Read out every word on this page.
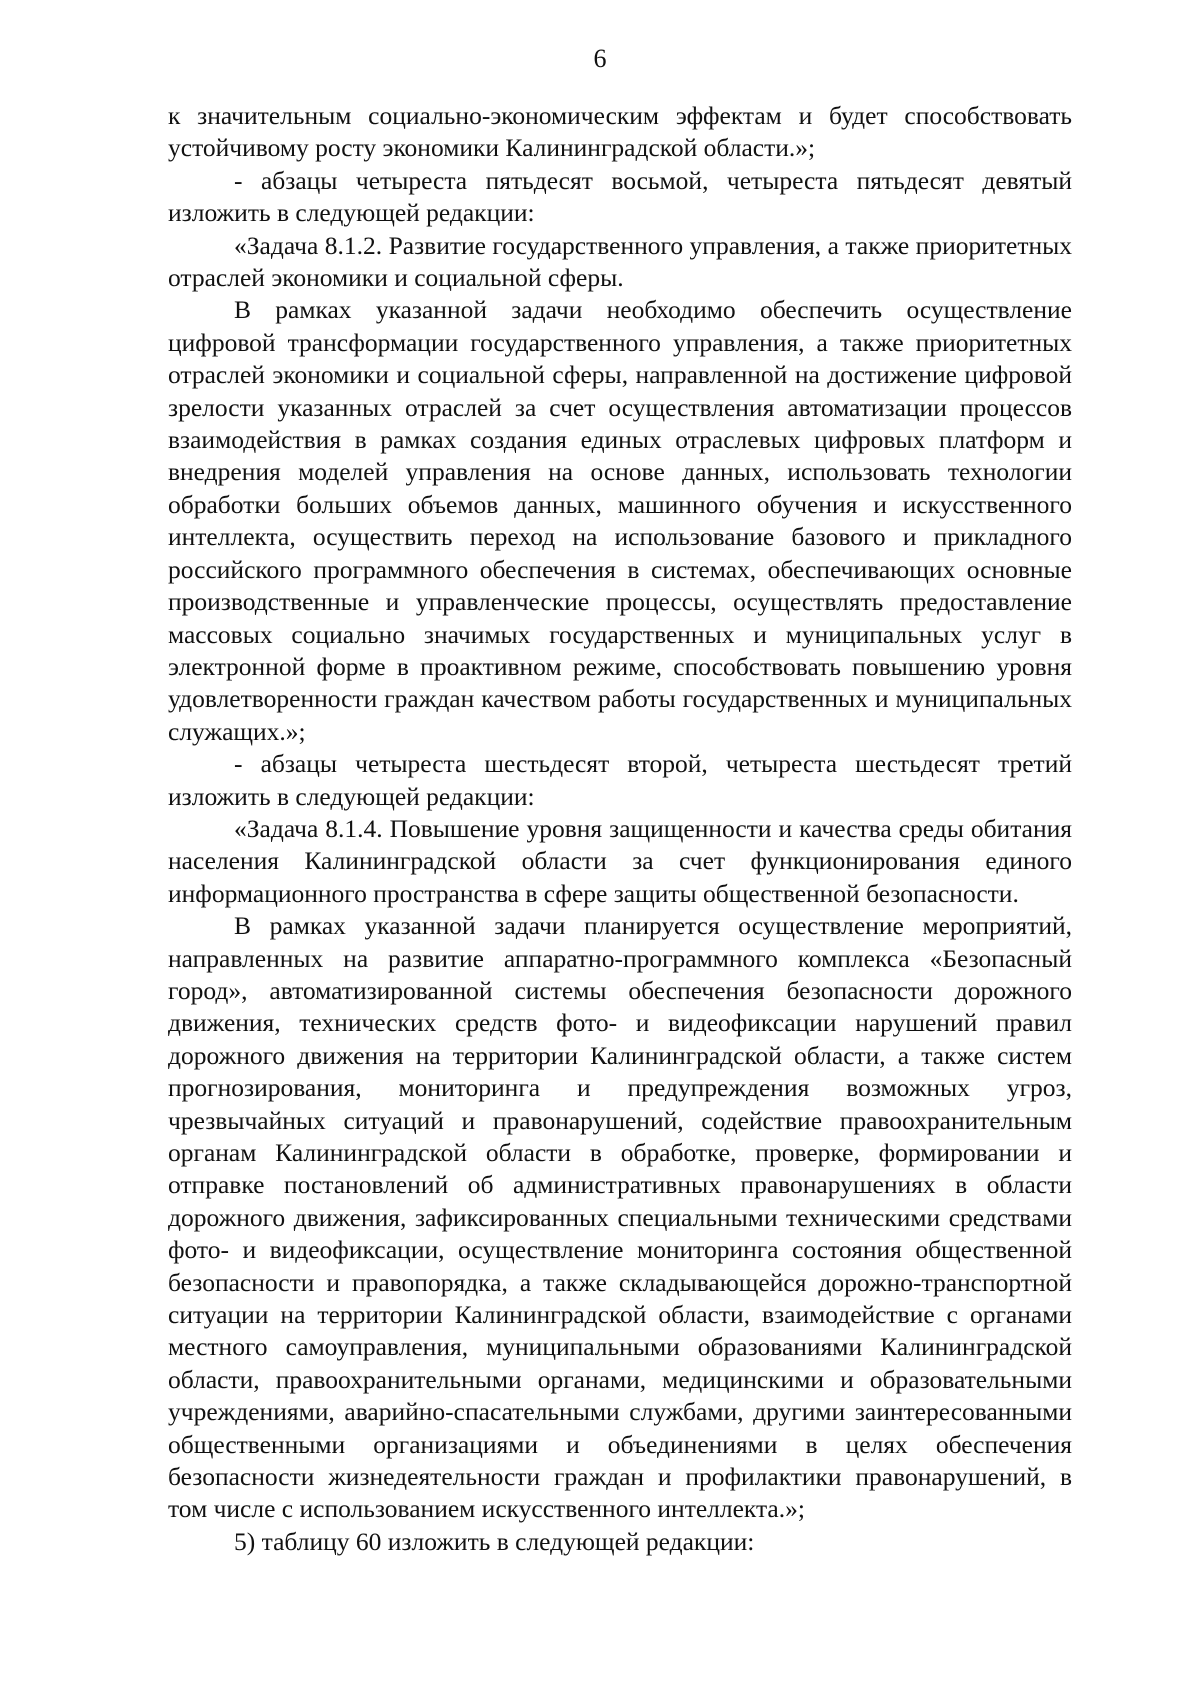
6

к значительным социально-экономическим эффектам и будет способствовать устойчивому росту экономики Калининградской области.»;

- абзацы четыреста пятьдесят восьмой, четыреста пятьдесят девятый изложить в следующей редакции:

«Задача 8.1.2. Развитие государственного управления, а также приоритетных отраслей экономики и социальной сферы.

В рамках указанной задачи необходимо обеспечить осуществление цифровой трансформации государственного управления, а также приоритетных отраслей экономики и социальной сферы, направленной на достижение цифровой зрелости указанных отраслей за счет осуществления автоматизации процессов взаимодействия в рамках создания единых отраслевых цифровых платформ и внедрения моделей управления на основе данных, использовать технологии обработки больших объемов данных, машинного обучения и искусственного интеллекта, осуществить переход на использование базового и прикладного российского программного обеспечения в системах, обеспечивающих основные производственные и управленческие процессы, осуществлять предоставление массовых социально значимых государственных и муниципальных услуг в электронной форме в проактивном режиме, способствовать повышению уровня удовлетворенности граждан качеством работы государственных и муниципальных служащих.»;

- абзацы четыреста шестьдесят второй, четыреста шестьдесят третий изложить в следующей редакции:

«Задача 8.1.4. Повышение уровня защищенности и качества среды обитания населения Калининградской области за счет функционирования единого информационного пространства в сфере защиты общественной безопасности.

В рамках указанной задачи планируется осуществление мероприятий, направленных на развитие аппаратно-программного комплекса «Безопасный город», автоматизированной системы обеспечения безопасности дорожного движения, технических средств фото- и видеофиксации нарушений правил дорожного движения на территории Калининградской области, а также систем прогнозирования, мониторинга и предупреждения возможных угроз, чрезвычайных ситуаций и правонарушений, содействие правоохранительным органам Калининградской области в обработке, проверке, формировании и отправке постановлений об административных правонарушениях в области дорожного движения, зафиксированных специальными техническими средствами фото- и видеофиксации, осуществление мониторинга состояния общественной безопасности и правопорядка, а также складывающейся дорожно-транспортной ситуации на территории Калининградской области, взаимодействие с органами местного самоуправления, муниципальными образованиями Калининградской области, правоохранительными органами, медицинскими и образовательными учреждениями, аварийно-спасательными службами, другими заинтересованными общественными организациями и объединениями в целях обеспечения безопасности жизнедеятельности граждан и профилактики правонарушений, в том числе с использованием искусственного интеллекта.»;

5) таблицу 60 изложить в следующей редакции:
